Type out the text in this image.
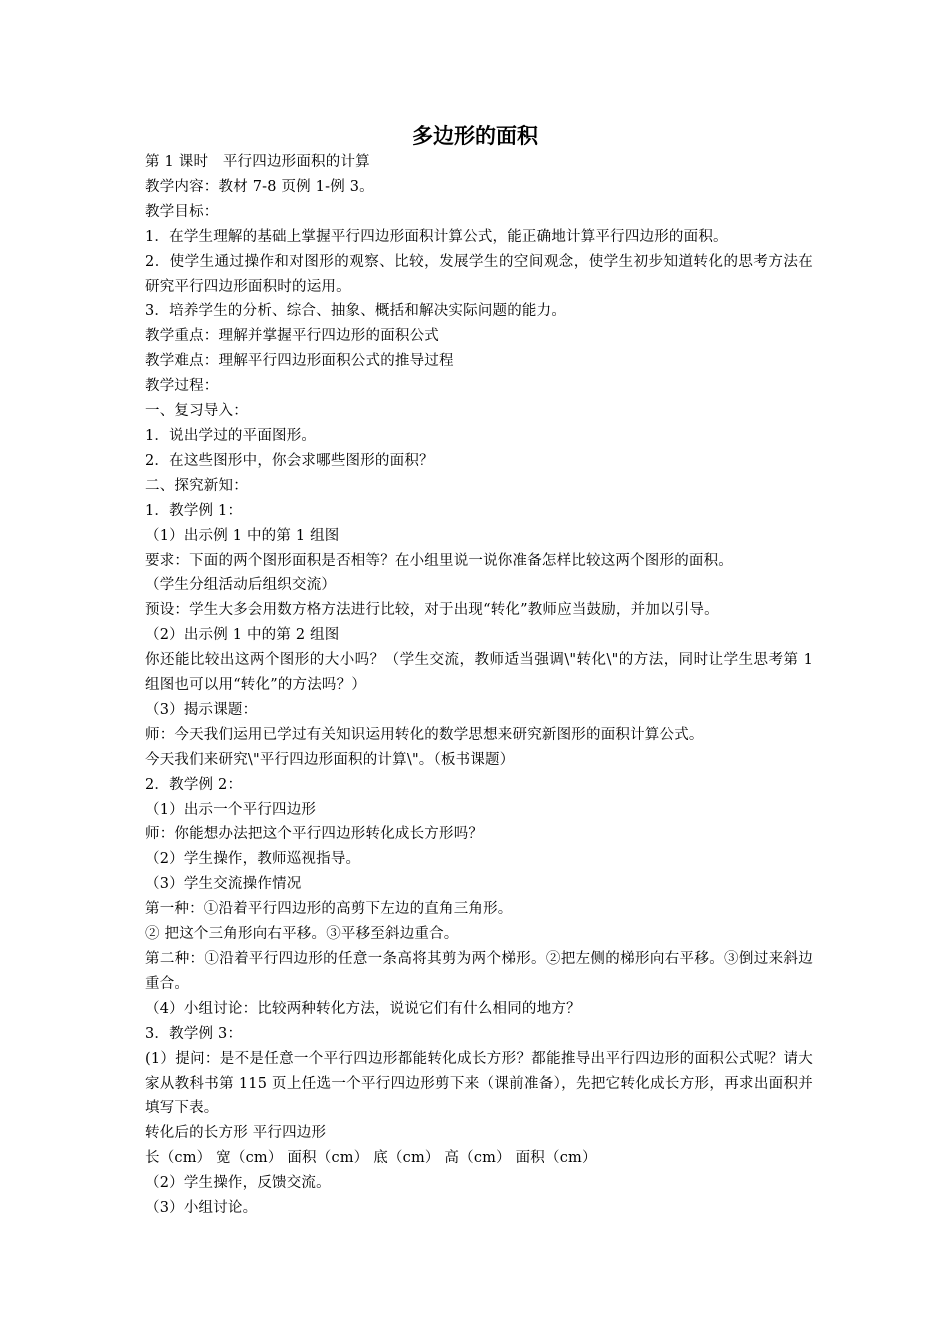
多边形的面积

第 1 课时　平行四边形面积的计算

教学内容：教材 7-8 页例 1-例 3。

教学目标：

1．在学生理解的基础上掌握平行四边形面积计算公式，能正确地计算平行四边形的面积。

2．使学生通过操作和对图形的观察、比较，发展学生的空间观念，使学生初步知道转化的思考方法在研究平行四边形面积时的运用。

3．培养学生的分析、综合、抽象、概括和解决实际问题的能力。

教学重点：理解并掌握平行四边形的面积公式

教学难点：理解平行四边形面积公式的推导过程

教学过程：

一、复习导入：

1．说出学过的平面图形。

2．在这些图形中，你会求哪些图形的面积？

二、探究新知：

1．教学例 1：

（1）出示例 1 中的第 1 组图

要求：下面的两个图形面积是否相等？在小组里说一说你准备怎样比较这两个图形的面积。

（学生分组活动后组织交流）

预设：学生大多会用数方格方法进行比较，对于出现“转化”教师应当鼓励，并加以引导。

（2）出示例 1 中的第 2 组图

你还能比较出这两个图形的大小吗？（学生交流，教师适当强调\"转化\"的方法，同时让学生思考第 1 组图也可以用“转化”的方法吗？）

（3）揭示课题：

师：今天我们运用已学过有关知识运用转化的数学思想来研究新图形的面积计算公式。

今天我们来研究\"平行四边形面积的计算\"。（板书课题）

2．教学例 2：

（1）出示一个平行四边形

师：你能想办法把这个平行四边形转化成长方形吗？

（2）学生操作，教师巡视指导。

（3）学生交流操作情况

第一种：①沿着平行四边形的高剪下左边的直角三角形。

② 把这个三角形向右平移。③平移至斜边重合。

第二种：①沿着平行四边形的任意一条高将其剪为两个梯形。②把左侧的梯形向右平移。③倒过来斜边重合。

（4）小组讨论：比较两种转化方法，说说它们有什么相同的地方？

3．教学例 3：

(1）提问：是不是任意一个平行四边形都能转化成长方形？都能推导出平行四边形的面积公式呢？请大家从教科书第 115 页上任选一个平行四边形剪下来（课前准备），先把它转化成长方形，再求出面积并填写下表。

转化后的长方形 平行四边形

长（cm） 宽（cm） 面积（cm） 底（cm） 高（cm） 面积（cm）

（2）学生操作，反馈交流。

（3）小组讨论。
